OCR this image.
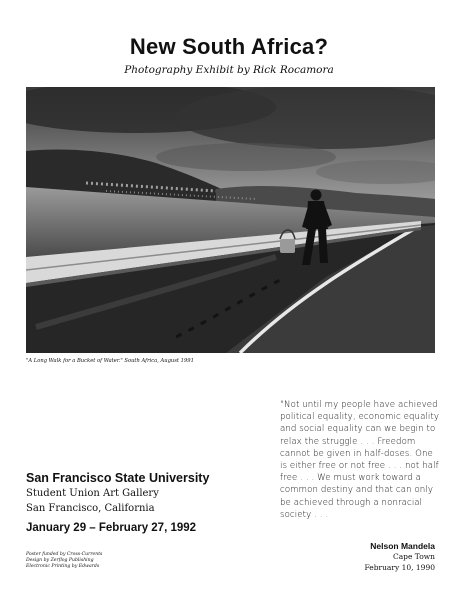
New South Africa?
Photography Exhibit by Rick Rocamora
"A Long Walk for a Bucket of Water." South Africa, August 1991
"Not until my people have achieved political equality, economic equality and social equality can we begin to relax the struggle . . . Freedom cannot be given in half-doses. One is either free or not free . . . not half free . . . We must work toward a common destiny and that can only be achieved through a nonracial society . . .
Nelson Mandela
Cape Town
February 10, 1990
San Francisco State University
Student Union Art Gallery
San Francisco, California
January 29 – February 27, 1992
Poster funded by Cross-Currents
Design by Zerflog Publishing
Electronic Printing by Edwards
